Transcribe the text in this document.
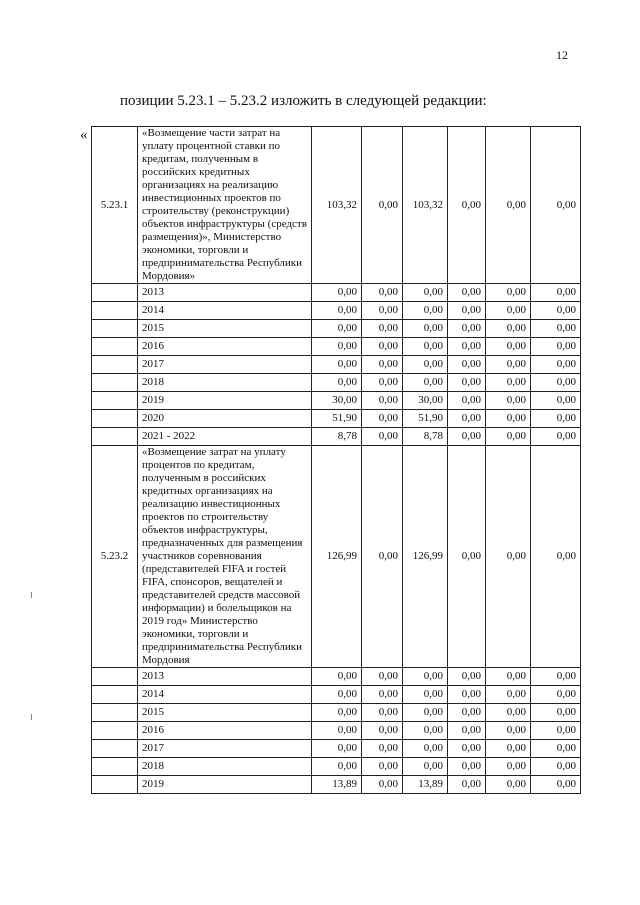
12
позиции 5.23.1 – 5.23.2 изложить в следующей редакции:
«
5.23.1	«Возмещение части затрат на уплату процентной ставки по кредитам, полученным в российских кредитных организациях на реализацию инвестиционных проектов по строительству (реконструкции) объектов инфраструктуры (средств размещения)», Министерство экономики, торговли и предпринимательства Республики Мордовия»	103,32	0,00	103,32	0,00	0,00	0,00
	2013	0,00	0,00	0,00	0,00	0,00	0,00
	2014	0,00	0,00	0,00	0,00	0,00	0,00
	2015	0,00	0,00	0,00	0,00	0,00	0,00
	2016	0,00	0,00	0,00	0,00	0,00	0,00
	2017	0,00	0,00	0,00	0,00	0,00	0,00
	2018	0,00	0,00	0,00	0,00	0,00	0,00
	2019	30,00	0,00	30,00	0,00	0,00	0,00
	2020	51,90	0,00	51,90	0,00	0,00	0,00
	2021 - 2022	8,78	0,00	8,78	0,00	0,00	0,00
5.23.2	«Возмещение затрат на уплату процентов по кредитам, полученным в российских кредитных организациях на реализацию инвестиционных проектов по строительству объектов инфраструктуры, предназначенных для размещения участников соревнования (представителей FIFA и гостей FIFA, спонсоров, вещателей и представителей средств массовой информации) и болельщиков на 2019 год» Министерство экономики, торговли и предпринимательства Республики Мордовия	126,99	0,00	126,99	0,00	0,00	0,00
	2013	0,00	0,00	0,00	0,00	0,00	0,00
	2014	0,00	0,00	0,00	0,00	0,00	0,00
	2015	0,00	0,00	0,00	0,00	0,00	0,00
	2016	0,00	0,00	0,00	0,00	0,00	0,00
	2017	0,00	0,00	0,00	0,00	0,00	0,00
	2018	0,00	0,00	0,00	0,00	0,00	0,00
	2019	13,89	0,00	13,89	0,00	0,00	0,00
